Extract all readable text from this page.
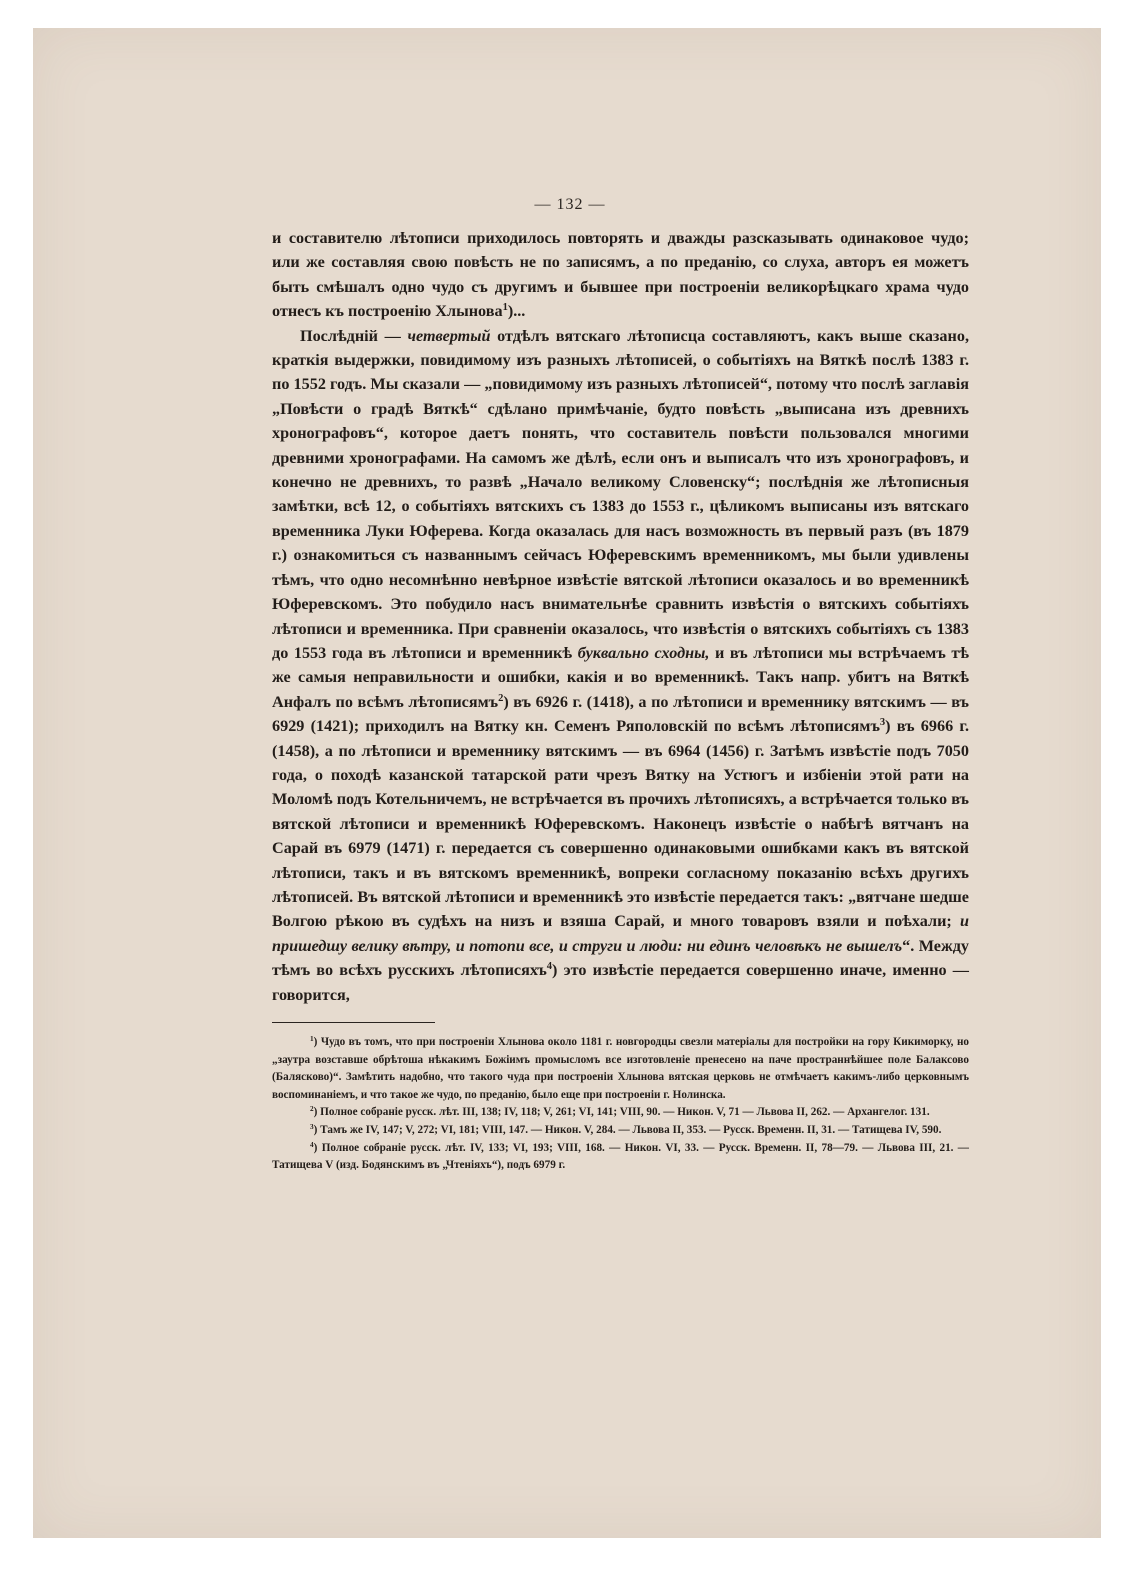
— 132 —

и составителю лѣтописи приходилось повторять и дважды разсказывать одинаковое чудо; или же составляя свою повѣсть не по записямъ, а по преданію, со слуха, авторъ ея можетъ быть смѣшалъ одно чудо съ другимъ и бывшее при построеніи великорѣцкаго храма чудо отнесъ къ построенію Хлынова$^1$)...

Послѣдній — четвертый отдѣлъ вятскаго лѣтописца составляютъ, какъ выше сказано, краткія выдержки, повидимому изъ разныхъ лѣтописей, о событіяхъ на Вяткѣ послѣ 1383 г. по 1552 годъ. Мы сказали — „повидимому изъ разныхъ лѣтописей“, потому что послѣ заглавія „Повѣсти о градѣ Вяткѣ“ сдѣлано примѣчаніе, будто повѣсть „выписана изъ древнихъ хронографовъ“, которое даетъ понять, что составитель повѣсти пользовался многими древними хронографами. На самомъ же дѣлѣ, если онъ и выписалъ что изъ хронографовъ, и конечно не древнихъ, то развѣ „Начало великому Словенску“; послѣднія же лѣтописныя замѣтки, всѣ 12, о событіяхъ вятскихъ съ 1383 до 1553 г., цѣликомъ выписаны изъ вятскаго временника Луки Юферева. Когда оказалась для насъ возможность въ первый разъ (въ 1879 г.) ознакомиться съ названнымъ сейчасъ Юферевскимъ временникомъ, мы были удивлены тѣмъ, что одно несомнѣнно невѣрное извѣстіе вятской лѣтописи оказалось и во временникѣ Юферевскомъ. Это побудило насъ внимательнѣе сравнить извѣстія о вятскихъ событіяхъ лѣтописи и временника. При сравненіи оказалось, что извѣстія о вятскихъ событіяхъ съ 1383 до 1553 года въ лѣтописи и временникѣ буквально сходны, и въ лѣтописи мы встрѣчаемъ тѣ же самыя неправильности и ошибки, какія и во временникѣ. Такъ напр. убитъ на Вяткѣ Анфалъ по всѣмъ лѣтописямъ$^2$) въ 6926 г. (1418), а по лѣтописи и временнику вятскимъ — въ 6929 (1421); приходилъ на Вятку кн. Семенъ Ряполовскій по всѣмъ лѣтописямъ$^3$) въ 6966 г. (1458), а по лѣтописи и временнику вятскимъ — въ 6964 (1456) г. Затѣмъ извѣстіе подъ 7050 года, о походѣ казанской татарской рати чрезъ Вятку на Устюгъ и избіеніи этой рати на Моломѣ подъ Котельничемъ, не встрѣчается въ прочихъ лѣтописяхъ, а встрѣчается только въ вятской лѣтописи и временникѣ Юферевскомъ. Наконецъ извѣстіе о набѣгѣ вятчанъ на Сарай въ 6979 (1471) г. передается съ совершенно одинаковыми ошибками какъ въ вятской лѣтописи, такъ и въ вятскомъ временникѣ, вопреки согласному показанію всѣхъ другихъ лѣтописей. Въ вятской лѣтописи и временникѣ это извѣстіе передается такъ: „вятчане шедше Волгою рѣкою въ судѣхъ на низъ и взяша Сарай, и много товаровъ взяли и поѣхали; и пришедшу велику вѣтру, и потопи все, и струги и люди: ни единъ человѣкъ не вышелъ“. Между тѣмъ во всѣхъ русскихъ лѣтописяхъ$^4$) это извѣстіе передается совершенно иначе, именно — говорится,

$^1$) Чудо въ томъ, что при построеніи Хлынова около 1181 г. новгородцы свезли матеріалы для постройки на гору Кикиморку, но „заутра возставше обрѣтоша нѣкакимъ Божіимъ промысломъ все изготовленіе пренесено на паче пространнѣйшее поле Балаксово (Балясково)“. Замѣтить надобно, что такого чуда при построеніи Хлынова вятская церковь не отмѣчаетъ какимъ-либо церковнымъ воспоминаніемъ, и что такое же чудо, по преданію, было еще при построеніи г. Нолинска.

$^2$) Полное собраніе русск. лѣт. III, 138; IV, 118; V, 261; VI, 141; VIII, 90. — Никон. V, 71 — Львова II, 262. — Архангелог. 131.

$^3$) Тамъ же IV, 147; V, 272; VI, 181; VIII, 147. — Никон. V, 284. — Львова II, 353. — Русск. Временн. II, 31. — Татищева IV, 590.

$^4$) Полное собраніе русск. лѣт. IV, 133; VI, 193; VIII, 168. — Никон. VI, 33. — Русск. Временн. II, 78—79. — Львова III, 21. — Татищева V (изд. Бодянскимъ въ „Чтеніяхъ“), подъ 6979 г.
